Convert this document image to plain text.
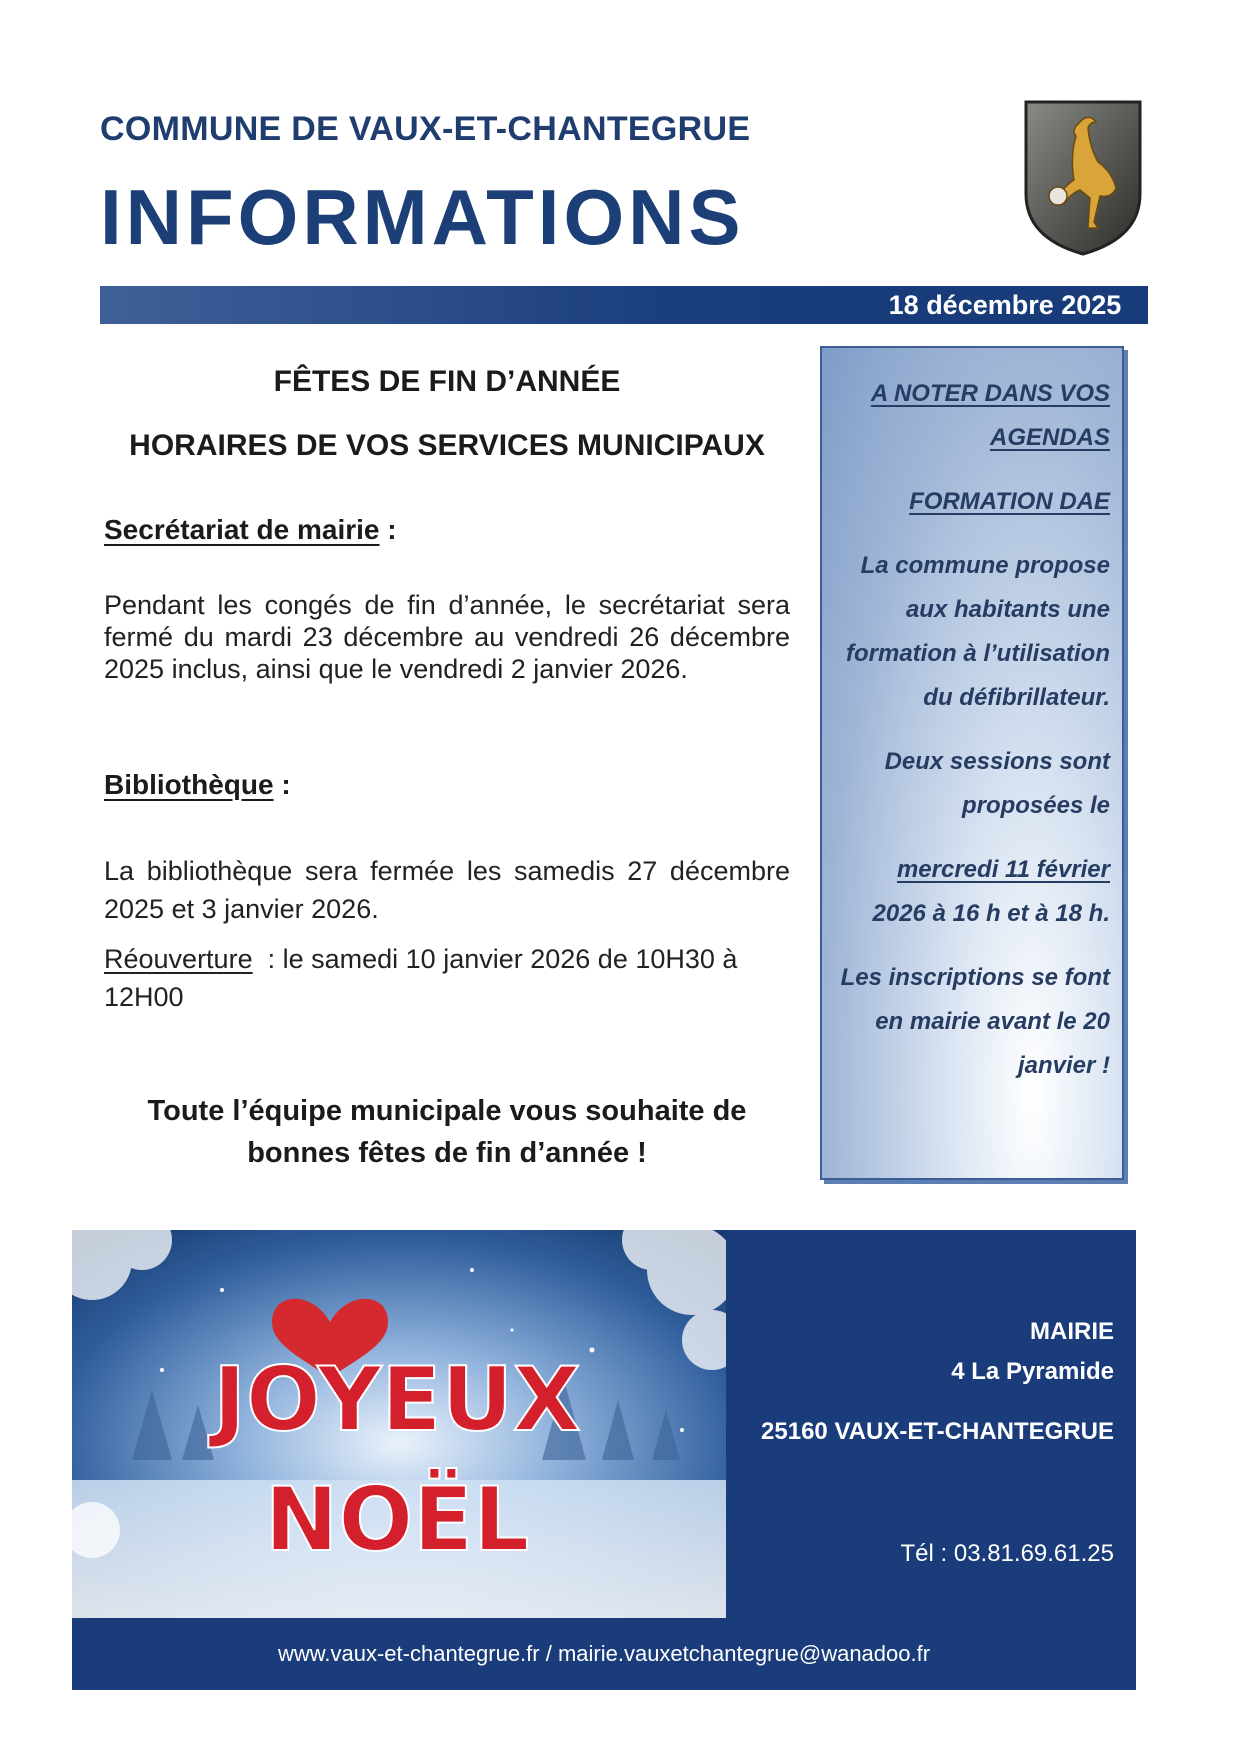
COMMUNE DE VAUX-ET-CHANTEGRUE
INFORMATIONS
18 décembre 2025
FÊTES DE FIN D’ANNÉE
HORAIRES DE VOS SERVICES MUNICIPAUX
Secrétariat de mairie :
Pendant les congés de fin d’année, le secrétariat sera fermé du mardi 23 décembre au vendredi 26 décembre 2025 inclus, ainsi que le vendredi 2 janvier 2026.
Bibliothèque :
La bibliothèque sera fermée les samedis 27 décembre 2025 et 3 janvier 2026.
Réouverture : le samedi 10 janvier 2026 de 10H30 à 12H00
Toute l’équipe municipale vous souhaite de bonnes fêtes de fin d’année !
A NOTER DANS VOS AGENDAS
FORMATION DAE
La commune propose aux habitants une formation à l’utilisation du défibrillateur.
Deux sessions sont proposées le
mercredi 11 février
2026 à 16 h et à 18 h.
Les inscriptions se font en mairie avant le 20 janvier !
JOYEUX
NOËL
MAIRIE
4 La Pyramide
25160 VAUX-ET-CHANTEGRUE
Tél : 03.81.69.61.25
www.vaux-et-chantegrue.fr / mairie.vauxetchantegrue@wanadoo.fr
